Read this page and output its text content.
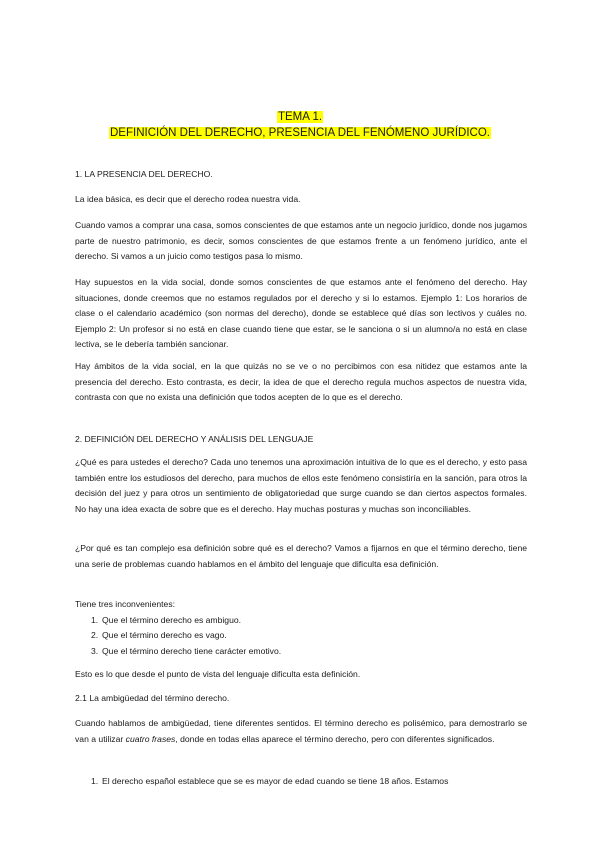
TEMA 1.
DEFINICIÓN DEL DERECHO, PRESENCIA DEL FENÓMENO JURÍDICO.

1. LA PRESENCIA DEL DERECHO.

La idea básica, es decir que el derecho rodea nuestra vida.

Cuando vamos a comprar una casa, somos conscientes de que estamos ante un negocio jurídico, donde nos jugamos parte de nuestro patrimonio, es decir, somos conscientes de que estamos frente a un fenómeno jurídico, ante el derecho. Si vamos a un juicio como testigos pasa lo mismo.

Hay supuestos en la vida social, donde somos conscientes de que estamos ante el fenómeno del derecho. Hay situaciones, donde creemos que no estamos regulados por el derecho y si lo estamos. Ejemplo 1: Los horarios de clase o el calendario académico (son normas del derecho), donde se establece qué días son lectivos y cuáles no. Ejemplo 2: Un profesor si no está en clase cuando tiene que estar, se le sanciona o si un alumno/a no está en clase lectiva, se le debería también sancionar.

Hay ámbitos de la vida social, en la que quizás no se ve o no percibimos con esa nitidez que estamos ante la presencia del derecho. Esto contrasta, es decir, la idea de que el derecho regula muchos aspectos de nuestra vida, contrasta con que no exista una definición que todos acepten de lo que es el derecho.

2. DEFINICIÓN DEL DERECHO Y ANÁLISIS DEL LENGUAJE

¿Qué es para ustedes el derecho? Cada uno tenemos una aproximación intuitiva de lo que es el derecho, y esto pasa también entre los estudiosos del derecho, para muchos de ellos este fenómeno consistiría en la sanción, para otros la decisión del juez y para otros un sentimiento de obligatoriedad que surge cuando se dan ciertos aspectos formales. No hay una idea exacta de sobre que es el derecho. Hay muchas posturas y muchas son inconciliables.

¿Por qué es tan complejo esa definición sobre qué es el derecho? Vamos a fijarnos en que el término derecho, tiene una serie de problemas cuando hablamos en el ámbito del lenguaje que dificulta esa definición.

Tiene tres inconvenientes:
1. Que el término derecho es ambiguo.
2. Que el término derecho es vago.
3. Que el término derecho tiene carácter emotivo.

Esto es lo que desde el punto de vista del lenguaje dificulta esta definición.

2.1 La ambigüedad del término derecho.

Cuando hablamos de ambigüedad, tiene diferentes sentidos. El término derecho es polisémico, para demostrarlo se van a utilizar cuatro frases, donde en todas ellas aparece el término derecho, pero con diferentes significados.

1. El derecho español establece que se es mayor de edad cuando se tiene 18 años. Estamos
